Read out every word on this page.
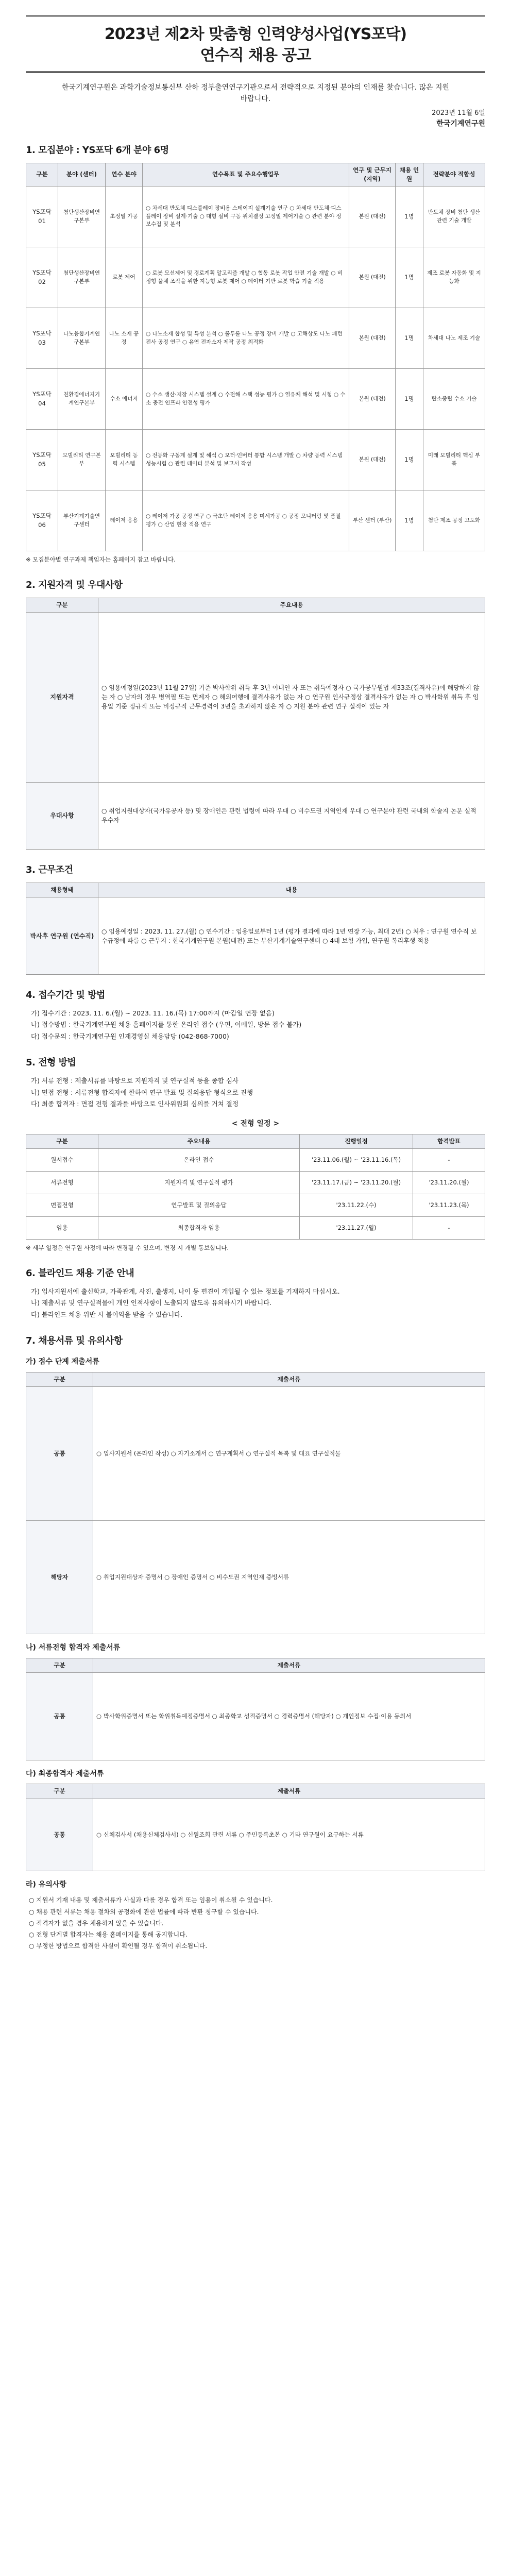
2023년 제2차 맞춤형 인력양성사업(YS포닥)
연수직 채용 공고

한국기계연구원은 과학기술정보통신부 산하 정부출연연구기관으로서 전략적으로 지정된 분야의 인재를 찾습니다. 많은 지원 바랍니다.

2023년 11월 6일
한국기계연구원
1. 모집분야 : YS포닥 6개 분야 6명
구분	분야 (센터)	연수 분야	연수목표 및 주요수행업무	연구 및 근무지 (지역)	채용 인원	전략분야 적합성
YS포닥 01	첨단생산장비연구본부	초정밀 가공	○ 차세대 반도체 디스플레이 장비용 스테이지 설계기술 연구 ○ 차세대 반도체·디스플레이 장비 설계·기술 ○ 대형 설비 구동 위치결정 고정밀 제어기술 ○ 관련 분야 정보수집 및 분석	본원 (대전)	1명	반도체 장비 첨단 생산 관련 기술 개발
YS포닥 02	첨단생산장비연구본부	로봇 제어	○ 로봇 모션제어 및 경로계획 알고리즘 개발 ○ 협동 로봇 작업 안전 기술 개발 ○ 비정형 물체 조작을 위한 지능형 로봇 제어 ○ 데이터 기반 로봇 학습 기술 적용	본원 (대전)	1명	제조 로봇 자동화 및 지능화
YS포닥 03	나노융합기계연구본부	나노 소재 공정	○ 나노소재 합성 및 특성 분석 ○ 롤투롤 나노 공정 장비 개발 ○ 고해상도 나노 패턴 전사 공정 연구 ○ 유연 전자소자 제작 공정 최적화	본원 (대전)	1명	차세대 나노 제조 기술
YS포닥 04	친환경에너지기계연구본부	수소 에너지	○ 수소 생산·저장 시스템 설계 ○ 수전해 스택 성능 평가 ○ 열유체 해석 및 시험 ○ 수소 충전 인프라 안전성 평가	본원 (대전)	1명	탄소중립 수소 기술
YS포닥 05	모빌리티 연구본부	모빌리티 동력 시스템	○ 전동화 구동계 설계 및 해석 ○ 모터·인버터 통합 시스템 개발 ○ 차량 동력 시스템 성능시험 ○ 관련 데이터 분석 및 보고서 작성	본원 (대전)	1명	미래 모빌리티 핵심 부품
YS포닥 06	부산기계기술연구센터	레이저 응용	○ 레이저 가공 공정 연구 ○ 극초단 레이저 응용 미세가공 ○ 공정 모니터링 및 품질 평가 ○ 산업 현장 적용 연구	부산 센터 (부산)	1명	첨단 제조 공정 고도화

※ 모집분야별 연구과제 책임자는 홈페이지 참고 바랍니다.

2. 지원자격 및 우대사항
구분	주요내용
지원자격	○ 임용예정일(2023년 11월 27일) 기준 박사학위 취득 후 3년 이내인 자 또는 취득예정자 ○ 국가공무원법 제33조(결격사유)에 해당하지 않는 자 ○ 남자의 경우 병역필 또는 면제자 ○ 해외여행에 결격사유가 없는 자 ○ 연구원 인사규정상 결격사유가 없는 자 ○ 박사학위 취득 후 임용일 기준 정규직 또는 비정규직 근무경력이 3년을 초과하지 않은 자 ○ 지원 분야 관련 연구 실적이 있는 자
우대사항	○ 취업지원대상자(국가유공자 등) 및 장애인은 관련 법령에 따라 우대 ○ 비수도권 지역인재 우대 ○ 연구분야 관련 국내외 학술지 논문 실적 우수자
3. 근무조건
채용형태	내용
박사후 연구원 (연수직)	○ 임용예정일 : 2023. 11. 27.(월) ○ 연수기간 : 임용일로부터 1년 (평가 결과에 따라 1년 연장 가능, 최대 2년) ○ 처우 : 연구원 연수직 보수규정에 따름 ○ 근무지 : 한국기계연구원 본원(대전) 또는 부산기계기술연구센터 ○ 4대 보험 가입, 연구원 복리후생 적용
4. 접수기간 및 방법
가) 접수기간 : 2023. 11. 6.(월) ~ 2023. 11. 16.(목) 17:00까지 (마감일 연장 없음)
나) 접수방법 : 한국기계연구원 채용 홈페이지를 통한 온라인 접수 (우편, 이메일, 방문 접수 불가)
다) 접수문의 : 한국기계연구원 인재경영실 채용담당 (042-868-7000)
5. 전형 방법
가) 서류 전형 : 제출서류를 바탕으로 지원자격 및 연구실적 등을 종합 심사
나) 면접 전형 : 서류전형 합격자에 한하여 연구 발표 및 질의응답 형식으로 진행
다) 최종 합격자 : 면접 전형 결과를 바탕으로 인사위원회 심의를 거쳐 결정
< 전형 일정 >
구분	주요내용	진행일정	합격발표
원서접수	온라인 접수	'23.11.06.(월) ~ '23.11.16.(목)	-
서류전형	지원자격 및 연구실적 평가	'23.11.17.(금) ~ '23.11.20.(월)	'23.11.20.(월)
면접전형	연구발표 및 질의응답	'23.11.22.(수)	'23.11.23.(목)
임용	최종합격자 임용	'23.11.27.(월)	-

※ 세부 일정은 연구원 사정에 따라 변경될 수 있으며, 변경 시 개별 통보합니다.

6. 블라인드 채용 기준 안내
가) 입사지원서에 출신학교, 가족관계, 사진, 출생지, 나이 등 편견이 개입될 수 있는 정보를 기재하지 마십시오.
나) 제출서류 및 연구실적물에 개인 인적사항이 노출되지 않도록 유의하시기 바랍니다.
다) 블라인드 채용 위반 시 불이익을 받을 수 있습니다.
7. 채용서류 및 유의사항
가) 접수 단계 제출서류
구분	제출서류
공통	○ 입사지원서 (온라인 작성) ○ 자기소개서 ○ 연구계획서 ○ 연구실적 목록 및 대표 연구실적물
해당자	○ 취업지원대상자 증명서 ○ 장애인 증명서 ○ 비수도권 지역인재 증빙서류
나) 서류전형 합격자 제출서류
구분	제출서류
공통	○ 박사학위증명서 또는 학위취득예정증명서 ○ 최종학교 성적증명서 ○ 경력증명서 (해당자) ○ 개인정보 수집·이용 동의서
다) 최종합격자 제출서류
구분	제출서류
공통	○ 신체검사서 (채용신체검사서) ○ 신원조회 관련 서류 ○ 주민등록초본 ○ 기타 연구원이 요구하는 서류
라) 유의사항
○ 지원서 기재 내용 및 제출서류가 사실과 다를 경우 합격 또는 임용이 취소될 수 있습니다.
○ 채용 관련 서류는 채용 절차의 공정화에 관한 법률에 따라 반환 청구할 수 있습니다.
○ 적격자가 없을 경우 채용하지 않을 수 있습니다.
○ 전형 단계별 합격자는 채용 홈페이지를 통해 공지합니다.
○ 부정한 방법으로 합격한 사실이 확인될 경우 합격이 취소됩니다.
